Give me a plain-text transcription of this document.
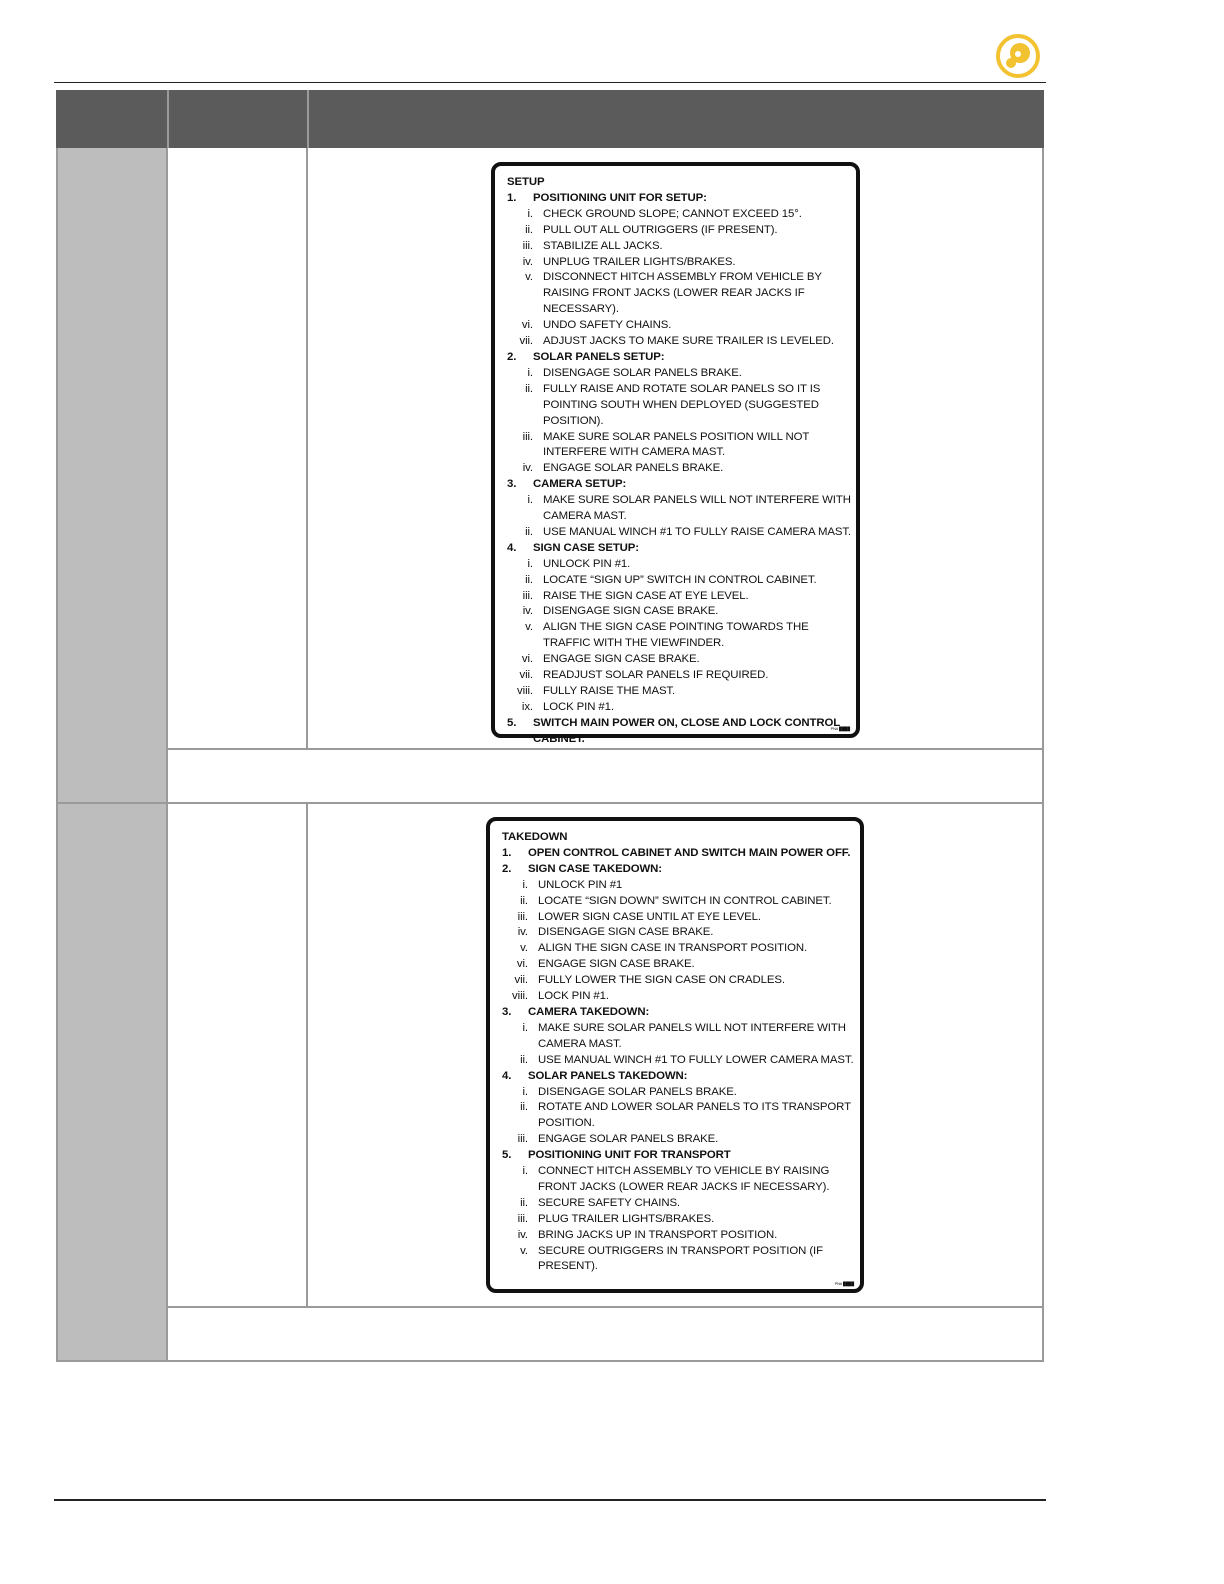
SETUP
1.	POSITIONING UNIT FOR SETUP:
i. CHECK GROUND SLOPE; CANNOT EXCEED 15°.
ii. PULL OUT ALL OUTRIGGERS (IF PRESENT).
iii. STABILIZE ALL JACKS.
iv. UNPLUG TRAILER LIGHTS/BRAKES.
v. DISCONNECT HITCH ASSEMBLY FROM VEHICLE BY RAISING FRONT JACKS (LOWER REAR JACKS IF NECESSARY).
vi. UNDO SAFETY CHAINS.
vii. ADJUST JACKS TO MAKE SURE TRAILER IS LEVELED.
2.	SOLAR PANELS SETUP:
i. DISENGAGE SOLAR PANELS BRAKE.
ii. FULLY RAISE AND ROTATE SOLAR PANELS SO IT IS POINTING SOUTH WHEN DEPLOYED (SUGGESTED POSITION).
iii. MAKE SURE SOLAR PANELS POSITION WILL NOT INTERFERE WITH CAMERA MAST.
iv. ENGAGE SOLAR PANELS BRAKE.
3.	CAMERA SETUP:
i. MAKE SURE SOLAR PANELS WILL NOT INTERFERE WITH CAMERA MAST.
ii. USE MANUAL WINCH #1 TO FULLY RAISE CAMERA MAST.
4.	SIGN CASE SETUP:
i. UNLOCK PIN #1.
ii. LOCATE “SIGN UP” SWITCH IN CONTROL CABINET.
iii. RAISE THE SIGN CASE AT EYE LEVEL.
iv. DISENGAGE SIGN CASE BRAKE.
v. ALIGN THE SIGN CASE POINTING TOWARDS THE TRAFFIC WITH THE VIEWFINDER.
vi. ENGAGE SIGN CASE BRAKE.
vii. READJUST SOLAR PANELS IF REQUIRED.
viii. FULLY RAISE THE MAST.
ix. LOCK PIN #1.
5.	SWITCH MAIN POWER ON, CLOSE AND LOCK CONTROL CABINET.
PN# ████
TAKEDOWN
1.	OPEN CONTROL CABINET AND SWITCH MAIN POWER OFF.
2.	SIGN CASE TAKEDOWN:
i. UNLOCK PIN #1
ii. LOCATE “SIGN DOWN” SWITCH IN CONTROL CABINET.
iii. LOWER SIGN CASE UNTIL AT EYE LEVEL.
iv. DISENGAGE SIGN CASE BRAKE.
v. ALIGN THE SIGN CASE IN TRANSPORT POSITION.
vi. ENGAGE SIGN CASE BRAKE.
vii. FULLY LOWER THE SIGN CASE ON CRADLES.
viii. LOCK PIN #1.
3.	CAMERA TAKEDOWN:
i. MAKE SURE SOLAR PANELS WILL NOT INTERFERE WITH CAMERA MAST.
ii. USE MANUAL WINCH #1 TO FULLY LOWER CAMERA MAST.
4.	SOLAR PANELS TAKEDOWN:
i. DISENGAGE SOLAR PANELS BRAKE.
ii. ROTATE AND LOWER SOLAR PANELS TO ITS TRANSPORT POSITION.
iii. ENGAGE SOLAR PANELS BRAKE.
5.	POSITIONING UNIT FOR TRANSPORT
i. CONNECT HITCH ASSEMBLY TO VEHICLE BY RAISING FRONT JACKS (LOWER REAR JACKS IF NECESSARY).
ii. SECURE SAFETY CHAINS.
iii. PLUG TRAILER LIGHTS/BRAKES.
iv. BRING JACKS UP IN TRANSPORT POSITION.
v. SECURE OUTRIGGERS IN TRANSPORT POSITION (IF PRESENT).
PN# ████
